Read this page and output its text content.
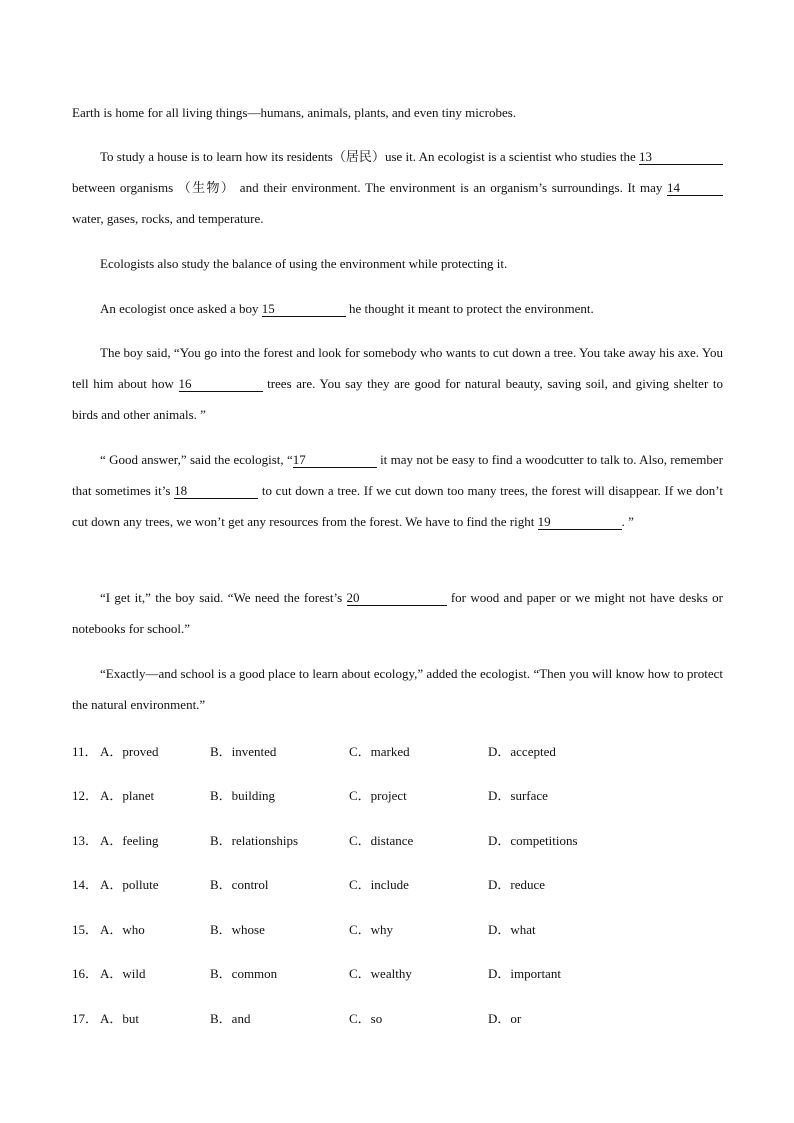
Earth is home for all living things—humans, animals, plants, and even tiny microbes.

To study a house is to learn how its residents（居民）use it. An ecologist is a scientist who studies the 13 between organisms （生物） and their environment. The environment is an organism’s surroundings. It may 14 water, gases, rocks, and temperature.

Ecologists also study the balance of using the environment while protecting it.

An ecologist once asked a boy 15	he thought it meant to protect the environment.

The boy said, “You go into the forest and look for somebody who wants to cut down a tree. You take away his axe. You tell him about how 16	trees are. You say they are good for natural beauty, saving soil, and giving shelter to birds and other animals. ”

“ Good answer,” said the ecologist, “17	it may not be easy to find a woodcutter to talk to. Also, remember that sometimes it’s 18	to cut down a tree. If we cut down too many trees, the forest will disappear. If we don’t cut down any trees, we won’t get any resources from the forest. We have to find the right 19	. ”

“I get it,” the boy said. “We need the forest’s 20	for wood and paper or we might not have desks or notebooks for school.”

“Exactly—and school is a good place to learn about ecology,” added the ecologist. “Then you will know how to protect the natural environment.”

11． A．proved	B．invented	C．marked	D．accepted
12． A．planet	B．building	C．project	D．surface
13． A．feeling	B．relationships	C．distance	D．competitions
14． A．pollute	B．control	C．include	D．reduce
15． A．who	B．whose	C．why	D．what
16． A．wild	B．common	C．wealthy	D．important
17． A．but	B．and	C．so	D．or
